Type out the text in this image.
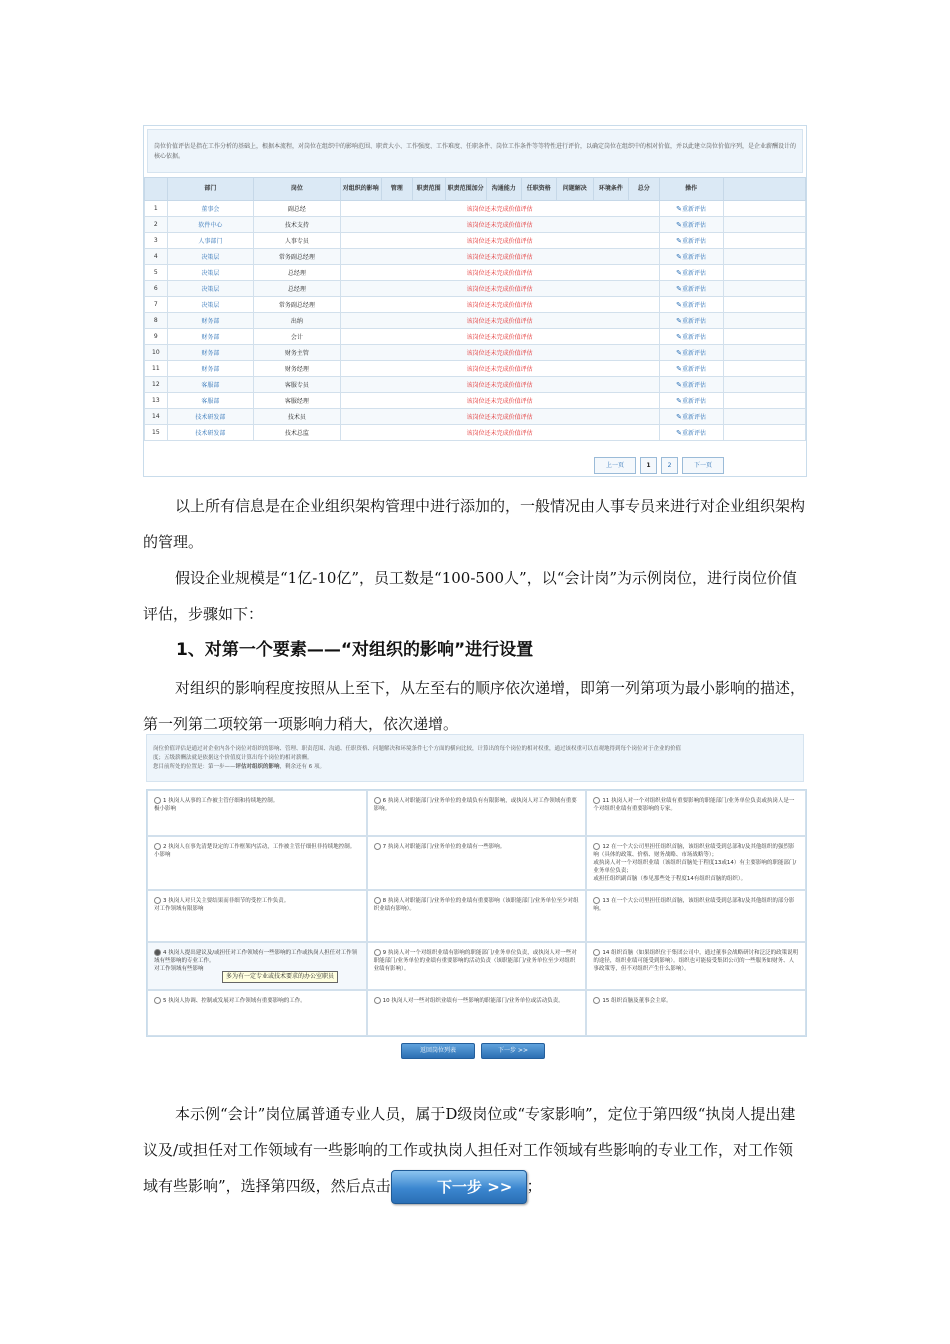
岗位价值评估是指在工作分析的基础上，根据本流程，对岗位在组织中的影响范围、职责大小、工作强度、工作难度、任职条件、岗位工作条件等等特性进行评价，以确定岗位在组织中的相对价值，并以此建立岗位价值序列，是企业薪酬设计的核心依据。
	部门	岗位	对组织的影响	管理	职责范围	职责范围加分	沟通能力	任职资格	问题解决	环境条件	总分	操作	
1	董事会	副总经	该岗位还未完成价值评估									✎重新评估	
2	软件中心	技术支持	该岗位还未完成价值评估									✎重新评估	
3	人事部门	人事专员	该岗位还未完成价值评估									✎重新评估	
4	决策层	常务副总经理	该岗位还未完成价值评估									✎重新评估	
5	决策层	总经理	该岗位还未完成价值评估									✎重新评估	
6	决策层	总经理	该岗位还未完成价值评估									✎重新评估	
7	决策层	常务副总经理	该岗位还未完成价值评估									✎重新评估	
8	财务部	出纳	该岗位还未完成价值评估									✎重新评估	
9	财务部	会计	该岗位还未完成价值评估									✎重新评估	
10	财务部	财务主管	该岗位还未完成价值评估									✎重新评估	
11	财务部	财务经理	该岗位还未完成价值评估									✎重新评估	
12	客服部	客服专员	该岗位还未完成价值评估									✎重新评估	
13	客服部	客服经理	该岗位还未完成价值评估									✎重新评估	
14	技术研发部	技术员	该岗位还未完成价值评估									✎重新评估	
15	技术研发部	技术总监	该岗位还未完成价值评估									✎重新评估	
上一页	1	2	下一页

以上所有信息是在企业组织架构管理中进行添加的，一般情况由人事专员来进行对企业组织架构的管理。

假设企业规模是“1亿-10亿”，员工数是“100-500人”，以“会计岗”为示例岗位，进行岗位价值评估，步骤如下：

1、对第一个要素——“对组织的影响”进行设置

对组织的影响程度按照从上至下，从左至右的顺序依次递增，即第一列第项为最小影响的描述，第一列第二项较第一项影响力稍大，依次递增。

岗位价值评估是通过对企业内各个岗位对组织的影响、管理、职责范围、沟通、任职资格、问题解决和环境条件七个方面的横向比较，计算出的每个岗位的相对权重，通过该权重可以直观地得到每个岗位对于企业的价值
度；五级薪酬法就是依据这个价值度计算出每个岗位的相对薪酬。
您目前所处的位置是：第一步——评估对组织的影响，剩余还有 6 项。
1 执岗人从事的工作被主管仔细和持续地控制。
极小影响
6 执岗人对职能部门/业务单位的业绩负有有限影响，或执岗人对工作领域有重要影响。
11 执岗人对一个对组织业绩有重要影响的职能部门/业务单位负责或执岗人是一个对组织业绩有重要影响的专家。
2 执岗人在事先清楚设定的工作框架内活动，工作被主管仔细但非持续地控制。
小影响
7 执岗人对职能部门/业务单位的业绩有一些影响。	12 在一个大公司里担任组织首脑，该组织业绩受到总部和/及其他组织的强烈影响（具体的政策、价格、财务战略、市场战略等）；
或执岗人对一个对组织业绩（该组织首脑处于程度13或14）有主要影响的职能部门/业务单位负责；
或担任组织副首脑（参见那些处于程度14有组织首脑的组织）。
3 执岗人对只关主要结果而非细节的受控工作负责。
对工作领域有限影响
8 执岗人对职能部门/业务单位的业绩有重要影响（该职能部门/业务单位至少对组织业绩有影响）。
13 在一个大公司里担任组织首脑，该组织业绩受到总部和/及其他组织的部分影响。
4 执岗人提出建议及/或担任对工作领域有一些影响的工作或执岗人担任对工作领域有些影响的专业工作。
对工作领域有些影响
多为有一定专业或技术要求的办公室职员
9 执岗人对一个对组织业绩有影响的职能部门/业务单位负责，或执岗人对一些对职能部门/业务单位的业绩有重要影响的活动负责（该职能部门/业务单位至少对组织业绩有影响）。
14 组织首脑（如果组织位于集团公司中，通过董事会战略研讨和泛泛的政策说明的途径，组织业绩可能受到影响）。组织也可能接受集团公司的一些服务如财务、人事政策等，但不对组织产生什么影响）。
5 执岗人协调、控制或发展对工作领域有重要影响的工作。	10 执岗人对一些对组织业绩有一些影响的职能部门/业务单位或活动负责。	15 组织首脑及董事会主席。
返回岗位列表	下一步 >>

本示例“会计”岗位属普通专业人员，属于D级岗位或“专家影响”，定位于第四级“执岗人提出建议及/或担任对工作领域有一些影响的工作或执岗人担任对工作领域有些影响的专业工作，对工作领域有些影响”，选择第四级，然后点击	下一步 >> ；
